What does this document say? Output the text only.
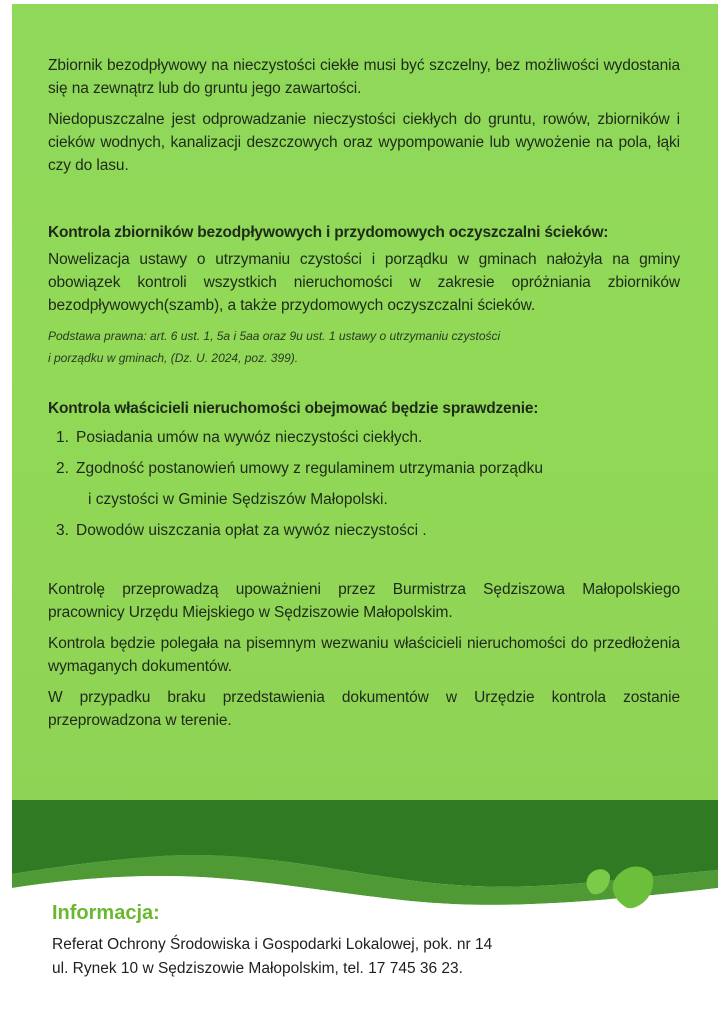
Zbiornik bezodpływowy na nieczystości ciekłe musi być szczelny, bez możliwości wydostania się na zewnątrz lub do gruntu jego zawartości.

Niedopuszczalne jest odprowadzanie nieczystości ciekłych do gruntu, rowów, zbiorników i cieków wodnych, kanalizacji deszczowych oraz wypompowanie lub wywożenie na pola, łąki czy do lasu.

Kontrola zbiorników bezodpływowych i przydomowych oczyszczalni ścieków:

Nowelizacja ustawy o utrzymaniu czystości i porządku w gminach nałożyła na gminy obowiązek kontroli wszystkich nieruchomości w zakresie opróżniania zbiorników bezodpływowych(szamb), a także przydomowych oczyszczalni ścieków.

Podstawa prawna: art. 6 ust. 1, 5a i 5aa oraz 9u ust. 1 ustawy o utrzymaniu czystości

i porządku w gminach, (Dz. U. 2024, poz. 399).

Kontrola właścicieli nieruchomości obejmować będzie sprawdzenie:

1. Posiadania umów na wywóz nieczystości ciekłych.
2. Zgodność postanowień umowy z regulaminem utrzymania porządku
i czystości w Gminie Sędziszów Małopolski.
3. Dowodów uiszczania opłat za wywóz nieczystości .

Kontrolę przeprowadzą upoważnieni przez Burmistrza Sędziszowa Małopolskiego pracownicy Urzędu Miejskiego w Sędziszowie Małopolskim.

Kontrola będzie polegała na pisemnym wezwaniu właścicieli nieruchomości do przedłożenia wymaganych dokumentów.

W przypadku braku przedstawienia dokumentów w Urzędzie kontrola zostanie przeprowadzona w terenie.

Informacja:

Referat Ochrony Środowiska i Gospodarki Lokalowej, pok. nr 14

ul. Rynek 10 w Sędziszowie Małopolskim, tel. 17 745 36 23.
